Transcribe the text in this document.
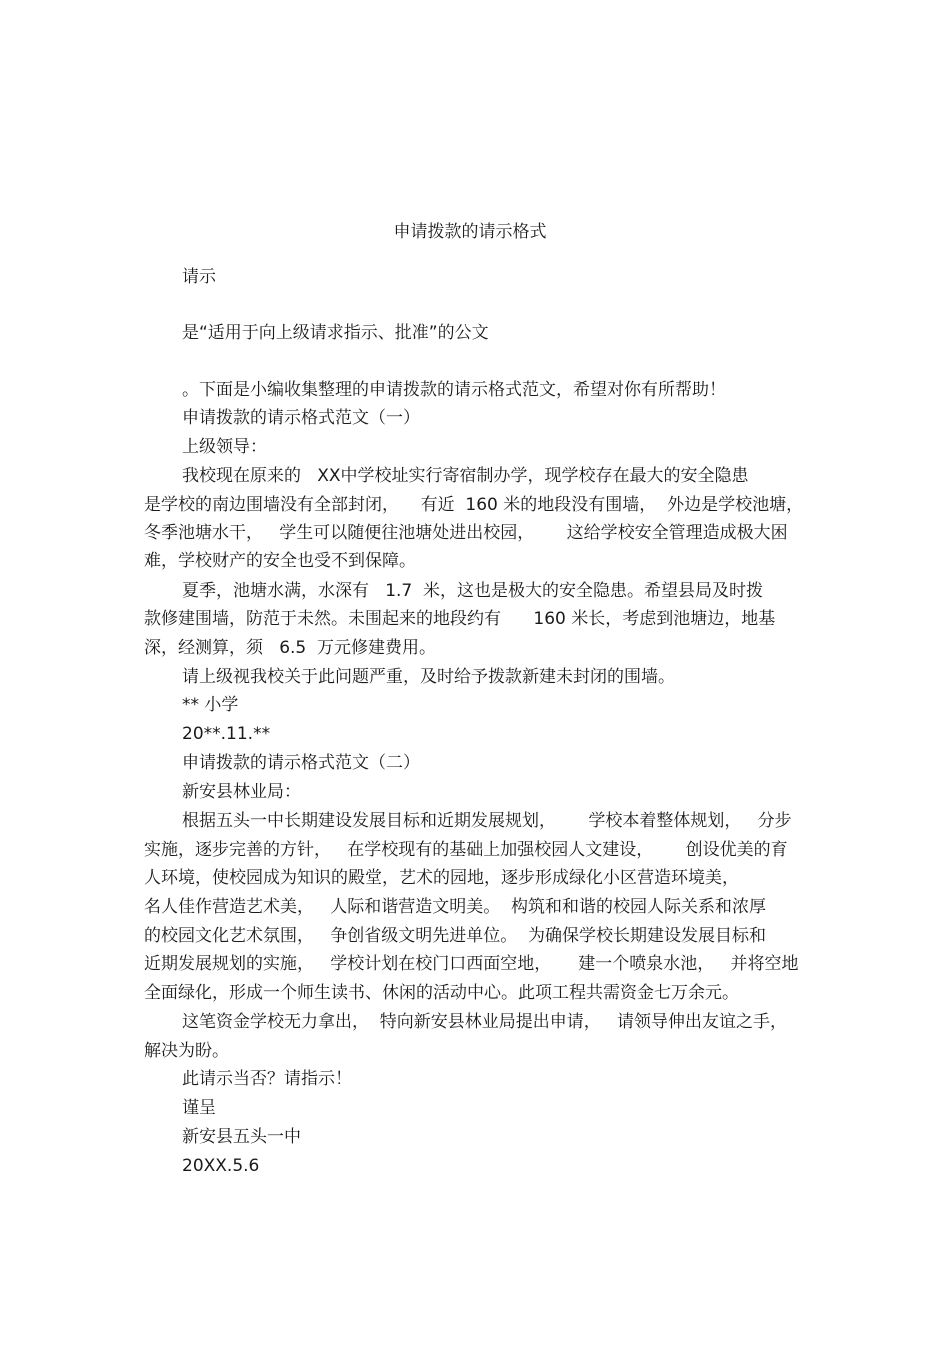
申请拨款的请示格式
请示
是“适用于向上级请求指示、批准”的公文
。下面是小编收集整理的申请拨款的请示格式范文，希望对你有所帮助！
申请拨款的请示格式范文（一）
上级领导：
我校现在原来的   XX中学校址实行寄宿制办学，现学校存在最大的安全隐患
是学校的南边围墙没有全部封闭，    有近  160 米的地段没有围墙，  外边是学校池塘，
冬季池塘水干，   学生可以随便往池塘处进出校园，      这给学校安全管理造成极大困
难，学校财产的安全也受不到保障。
夏季，池塘水满，水深有   1.7  米，这也是极大的安全隐患。希望县局及时拨
款修建围墙，防范于未然。未围起来的地段约有      160 米长，考虑到池塘边，地基
深，经测算，须   6.5  万元修建费用。
请上级视我校关于此问题严重，及时给予拨款新建未封闭的围墙。
** 小学
20**.11.**
申请拨款的请示格式范文（二）
新安县林业局：
根据五头一中长期建设发展目标和近期发展规划，      学校本着整体规划，   分步
实施，逐步完善的方针，   在学校现有的基础上加强校园人文建设，      创设优美的育
人环境，使校园成为知识的殿堂，艺术的园地，逐步形成绿化小区营造环境美，
名人佳作营造艺术美，   人际和谐营造文明美。  构筑和和谐的校园人际关系和浓厚
的校园文化艺术氛围，   争创省级文明先进单位。  为确保学校长期建设发展目标和
近期发展规划的实施，   学校计划在校门口西面空地，     建一个喷泉水池，   并将空地
全面绿化，形成一个师生读书、休闲的活动中心。此项工程共需资金七万余元。
这笔资金学校无力拿出，  特向新安县林业局提出申请，   请领导伸出友谊之手，
解决为盼。
此请示当否？请指示！
谨呈
新安县五头一中
20XX.5.6
